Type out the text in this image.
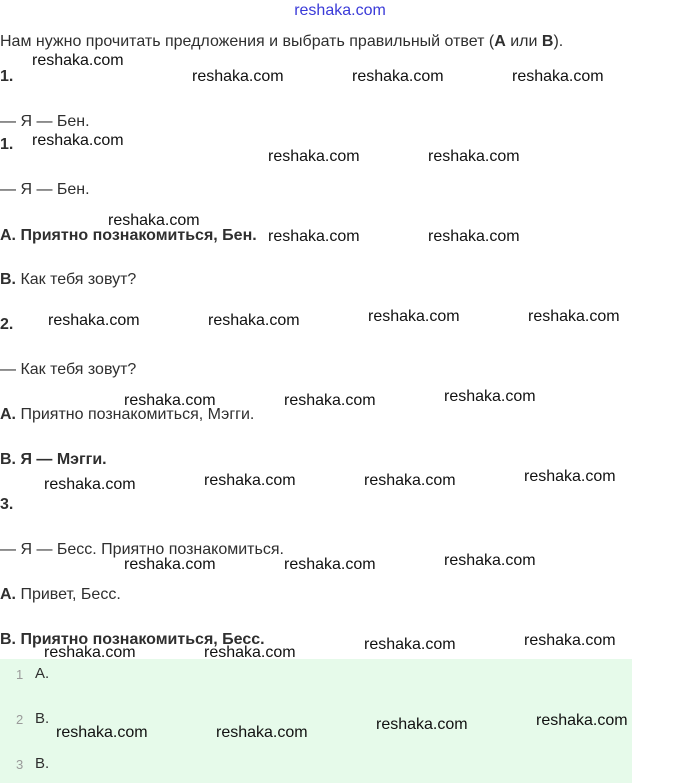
reshaka.com
Нам нужно прочитать предложения и выбрать правильный ответ (A или B).
1.
— Я — Бен.
1.
— Я — Бен.
A. Приятно познакомиться, Бен.
B. Как тебя зовут?
2.
— Как тебя зовут?
A. Приятно познакомиться, Мэгги.
B. Я — Мэгги.
3.
— Я — Бесс. Приятно познакомиться.
A. Привет, Бесс.
B. Приятно познакомиться, Бесс.
1 A.
2 B.
3 B.
reshaka.com
reshaka.com	reshaka.com	reshaka.com
reshaka.com
reshaka.com	reshaka.com
reshaka.com
reshaka.com	reshaka.com
reshaka.com	reshaka.com	reshaka.com	reshaka.com
reshaka.com	reshaka.com	reshaka.com
reshaka.com	reshaka.com	reshaka.com	reshaka.com
reshaka.com	reshaka.com	reshaka.com
reshaka.com	reshaka.com	reshaka.com	reshaka.com
reshaka.com	reshaka.com	reshaka.com	reshaka.com
